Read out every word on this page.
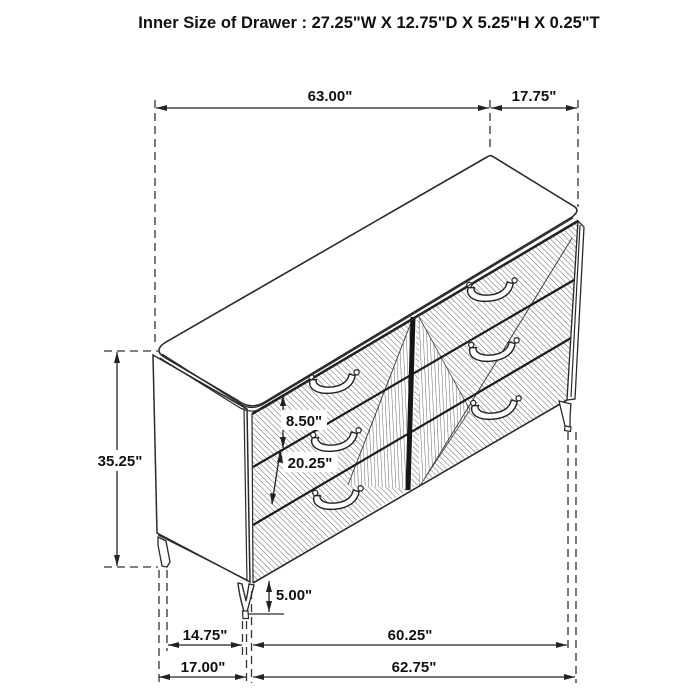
63.00"	17.75"
35.25"
8.50"
20.25"
5.00"
14.75"	60.25"
17.00"	62.75"
Inner Size of Drawer : 27.25"W X 12.75"D X 5.25"H X 0.25"T
